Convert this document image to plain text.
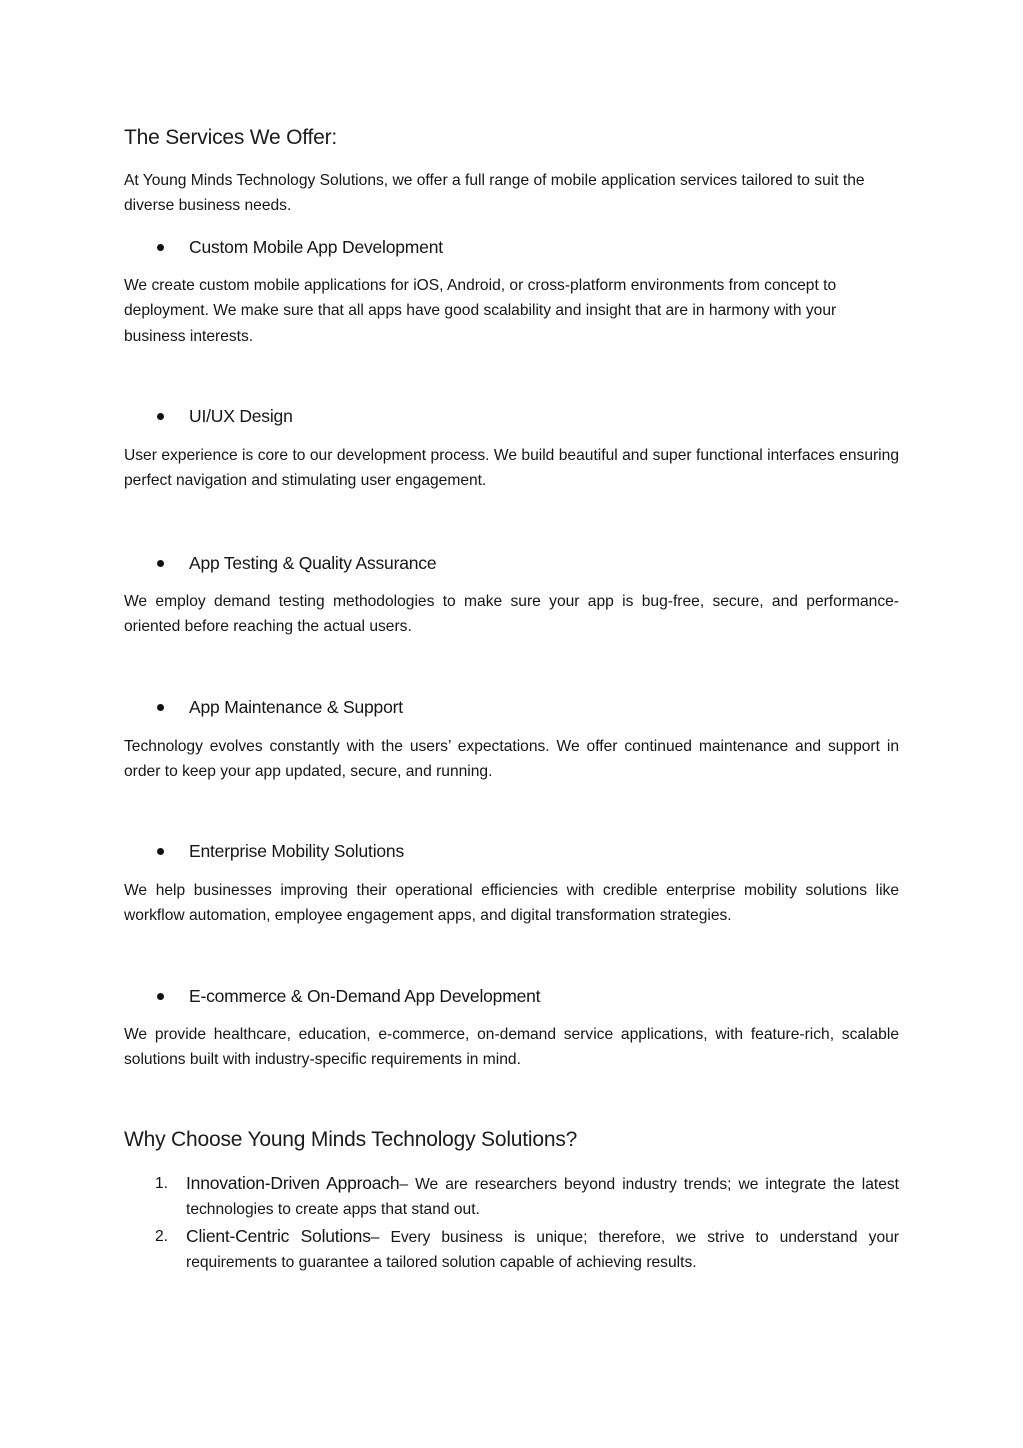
The Services We Offer:

At Young Minds Technology Solutions, we offer a full range of mobile application services tailored to suit the diverse business needs.

Custom Mobile App Development

We create custom mobile applications for iOS, Android, or cross-platform environments from concept to deployment. We make sure that all apps have good scalability and insight that are in harmony with your business interests.

UI/UX Design

User experience is core to our development process. We build beautiful and super functional interfaces ensuring perfect navigation and stimulating user engagement.

App Testing & Quality Assurance

We employ demand testing methodologies to make sure your app is bug-free, secure, and performance-oriented before reaching the actual users.

App Maintenance & Support

Technology evolves constantly with the users’ expectations. We offer continued maintenance and support in order to keep your app updated, secure, and running.

Enterprise Mobility Solutions

We help businesses improving their operational efficiencies with credible enterprise mobility solutions like workflow automation, employee engagement apps, and digital transformation strategies.

E-commerce & On-Demand App Development

We provide healthcare, education, e-commerce, on-demand service applications, with feature-rich, scalable solutions built with industry-specific requirements in mind.

Why Choose Young Minds Technology Solutions?
1. Innovation-Driven Approach– We are researchers beyond industry trends; we integrate the latest technologies to create apps that stand out.
2. Client-Centric Solutions– Every business is unique; therefore, we strive to understand your requirements to guarantee a tailored solution capable of achieving results.
